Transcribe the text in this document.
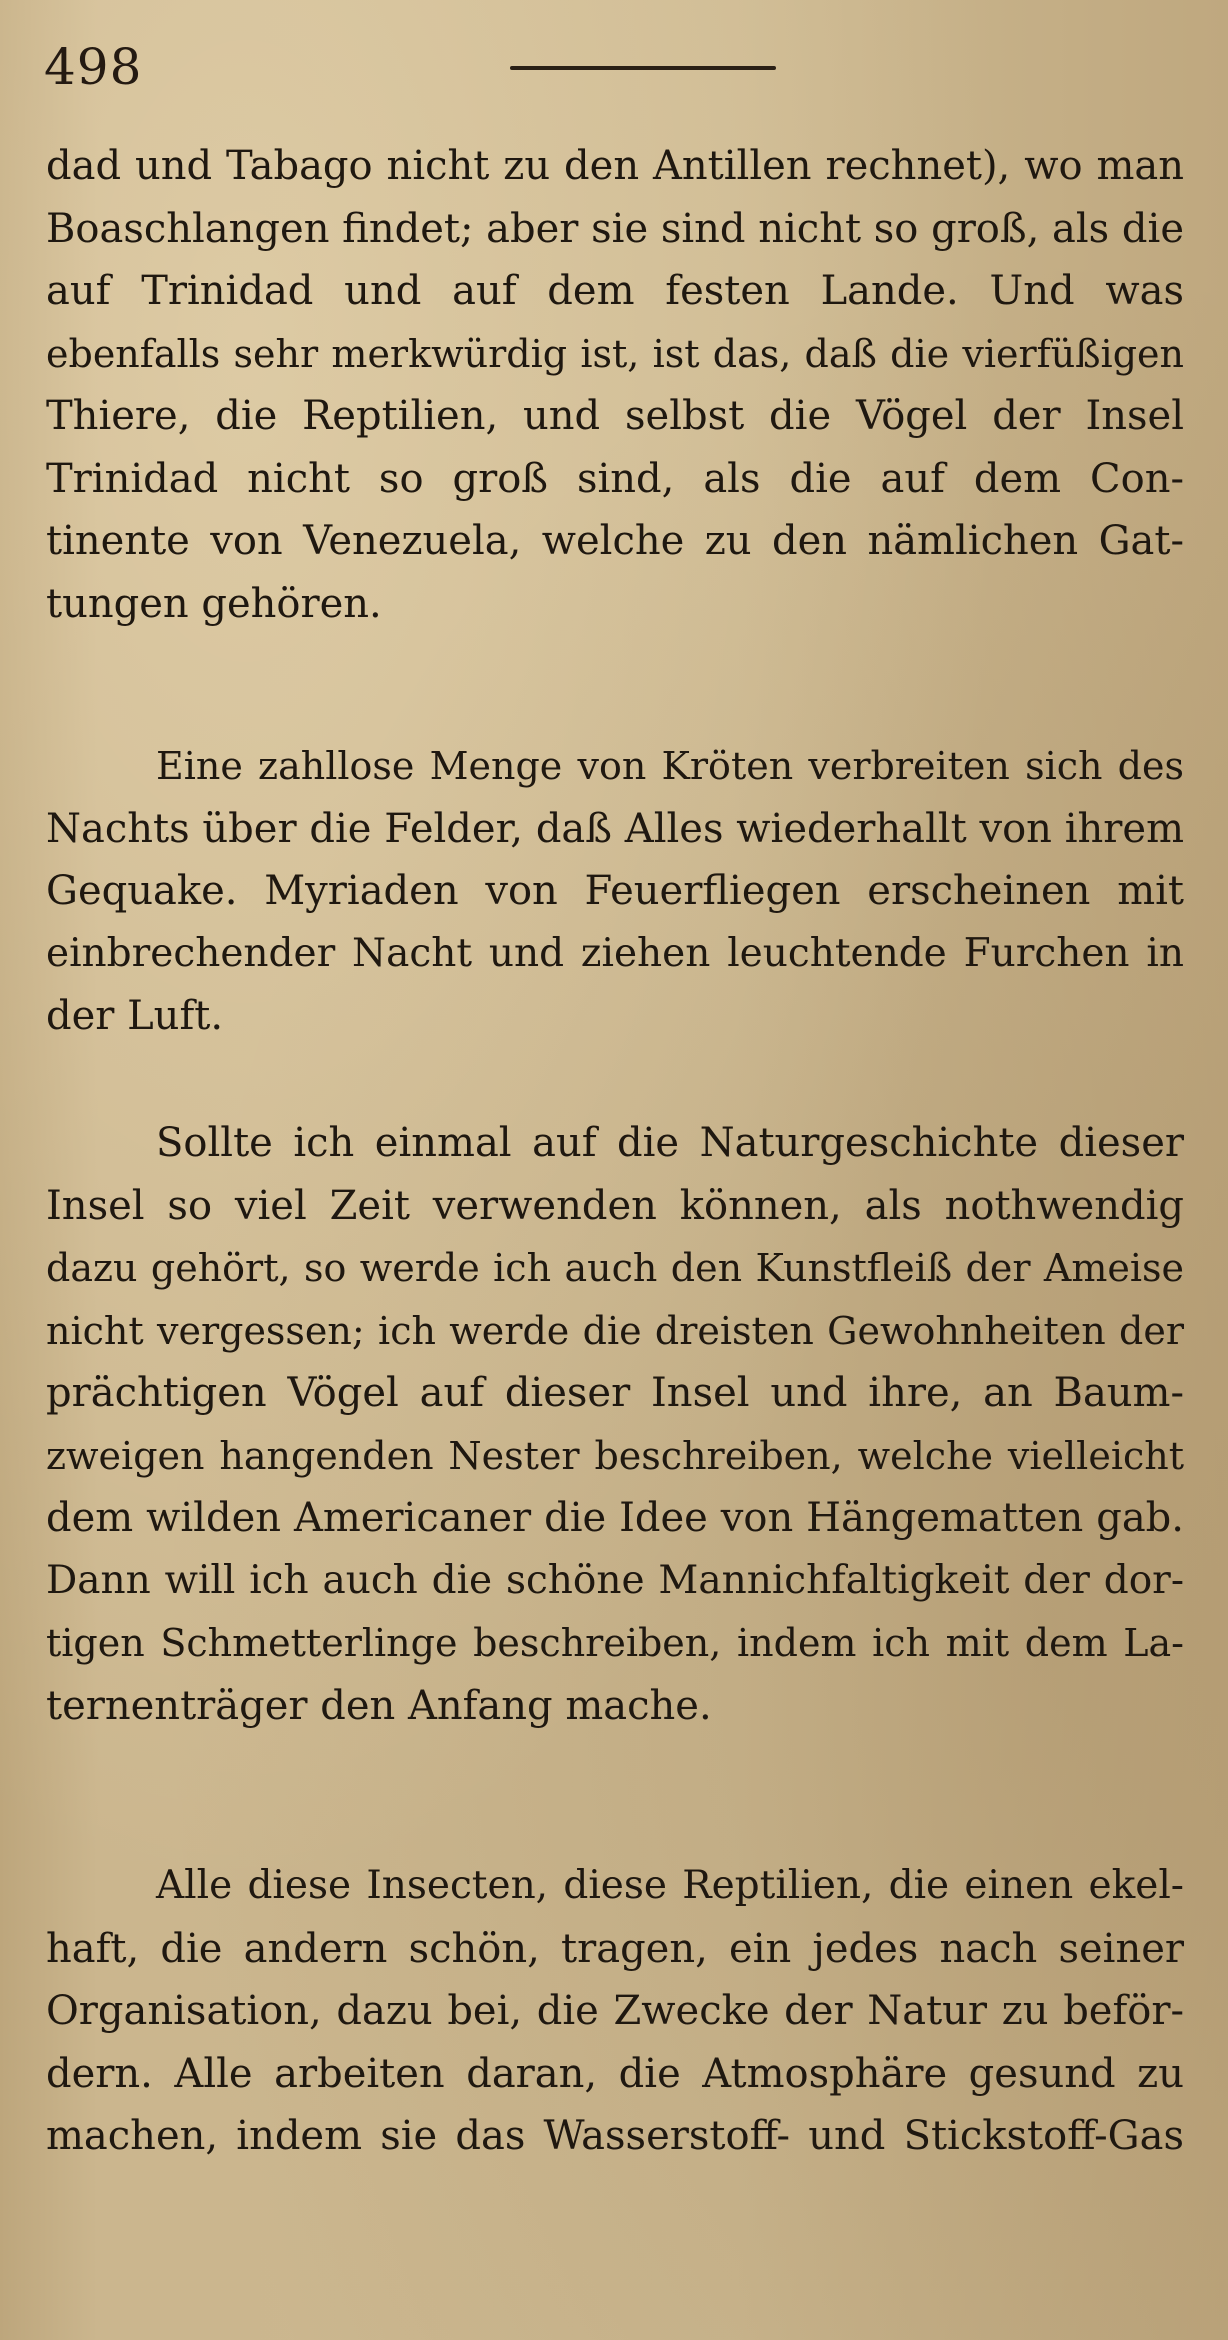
498
dad und Tabago nicht zu den Antillen rechnet), wo man
Boaschlangen findet; aber sie sind nicht so groß, als die
auf Trinidad und auf dem festen Lande. Und was
ebenfalls sehr merkwürdig ist, ist das, daß die vierfüßigen
Thiere, die Reptilien, und selbst die Vögel der Insel
Trinidad nicht so groß sind, als die auf dem Con-
tinente von Venezuela, welche zu den nämlichen Gat-
tungen gehören.
Eine zahllose Menge von Kröten verbreiten sich des
Nachts über die Felder, daß Alles wiederhallt von ihrem
Gequake. Myriaden von Feuerfliegen erscheinen mit
einbrechender Nacht und ziehen leuchtende Furchen in
der Luft.
Sollte ich einmal auf die Naturgeschichte dieser
Insel so viel Zeit verwenden können, als nothwendig
dazu gehört, so werde ich auch den Kunstfleiß der Ameise
nicht vergessen; ich werde die dreisten Gewohnheiten der
prächtigen Vögel auf dieser Insel und ihre, an Baum-
zweigen hangenden Nester beschreiben, welche vielleicht
dem wilden Americaner die Idee von Hängematten gab.
Dann will ich auch die schöne Mannichfaltigkeit der dor-
tigen Schmetterlinge beschreiben, indem ich mit dem La-
ternenträger den Anfang mache.
Alle diese Insecten, diese Reptilien, die einen ekel-
haft, die andern schön, tragen, ein jedes nach seiner
Organisation, dazu bei, die Zwecke der Natur zu beför-
dern. Alle arbeiten daran, die Atmosphäre gesund zu
machen, indem sie das Wasserstoff- und Stickstoff-Gas
